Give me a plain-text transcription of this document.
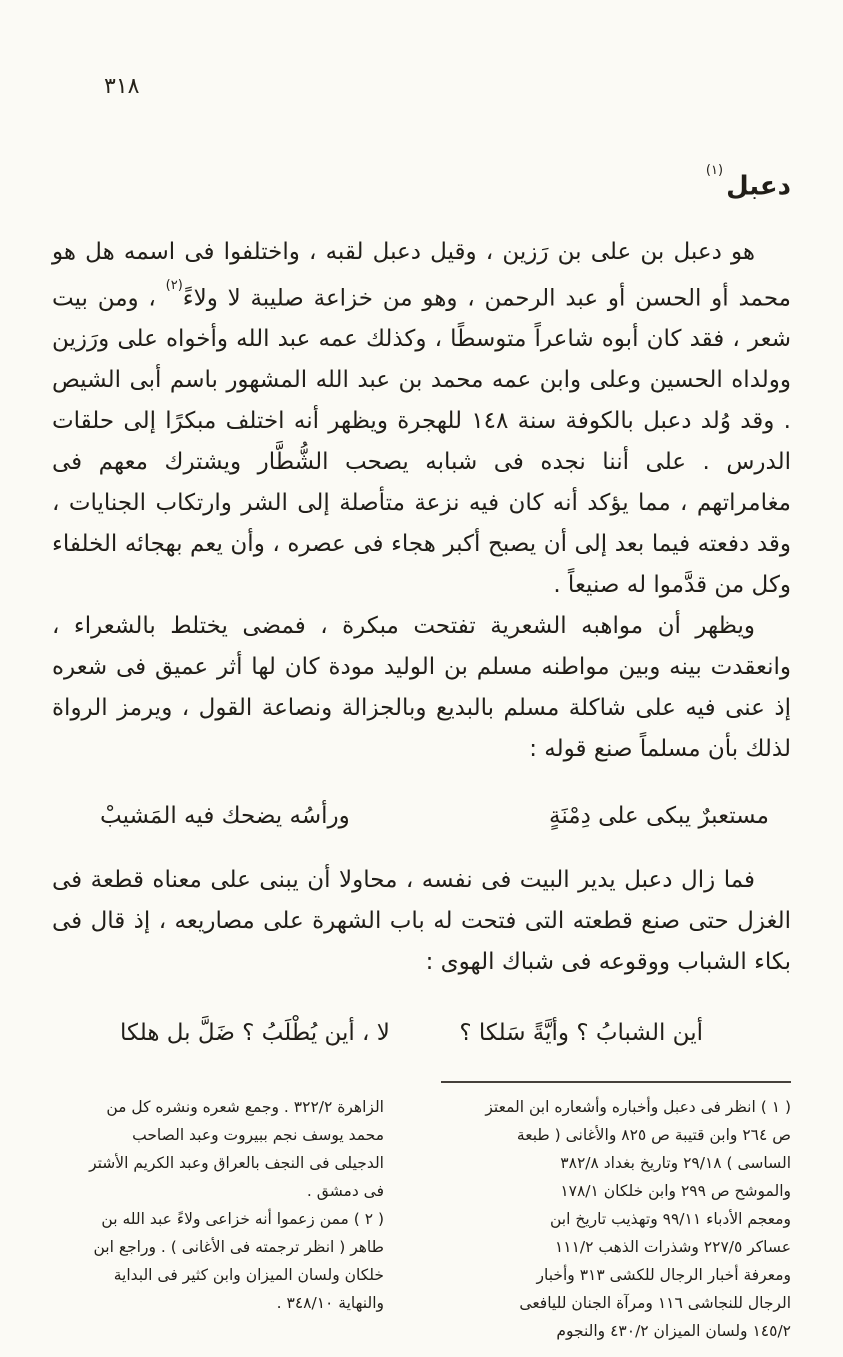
٣١٨
دعبل$^{(١)}$

هو دعبل بن على بن رَزين ، وقيل دعبل لقبه ، واختلفوا فى اسمه هل هو محمد أو الحسن أو عبد الرحمن ، وهو من خزاعة صليبة لا ولاءً$^{(٢)}$ ، ومن بيت شعر ، فقد كان أبوه شاعراً متوسطًا ، وكذلك عمه عبد الله وأخواه على ورَزين وولداه الحسين وعلى وابن عمه محمد بن عبد الله المشهور باسم أبى الشيص . وقد وُلد دعبل بالكوفة سنة ١٤٨ للهجرة ويظهر أنه اختلف مبكرًا إلى حلقات الدرس . على أننا نجده فى شبابه يصحب الشُّطَّار ويشترك معهم فى مغامراتهم ، مما يؤكد أنه كان فيه نزعة متأصلة إلى الشر وارتكاب الجنايات ، وقد دفعته فيما بعد إلى أن يصبح أكبر هجاء فى عصره ، وأن يعم بهجائه الخلفاء وكل من قدَّموا له صنيعاً .

ويظهر أن مواهبه الشعرية تفتحت مبكرة ، فمضى يختلط بالشعراء ، وانعقدت بينه وبين مواطنه مسلم بن الوليد مودة كان لها أثر عميق فى شعره إذ عنى فيه على شاكلة مسلم بالبديع وبالجزالة ونصاعة القول ، ويرمز الرواة لذلك بأن مسلماً صنع قوله :

مستعبرٌ يبكى على دِمْنَةٍ
ورأسُه يضحك فيه المَشيبْ

فما زال دعبل يدير البيت فى نفسه ، محاولا أن يبنى على معناه قطعة فى الغزل حتى صنع قطعته التى فتحت له باب الشهرة على مصاريعه ، إذ قال فى بكاء الشباب ووقوعه فى شباك الهوى :

أين الشبابُ ؟ وأيَّةً سَلكا ؟
لا ، أين يُطْلَبُ ؟ ضَلَّ بل هلكا
( ١ ) انظر فى دعبل وأخباره وأشعاره ابن المعتز
ص ٢٦٤ وابن قتيبة ص ٨٢٥ والأغانى ( طبعة
الساسى ) ٢٩/١٨ وتاريخ بغداد ٣٨٢/٨
والموشح ص ٢٩٩ وابن خلكان ١٧٨/١
ومعجم الأدباء ٩٩/١١ وتهذيب تاريخ ابن
عساكر ٢٢٧/٥ وشذرات الذهب ١١١/٢
ومعرفة أخبار الرجال للكشى ٣١٣ وأخبار
الرجال للنجاشى ١١٦ ومرآة الجنان لليافعى
١٤٥/٢ ولسان الميزان ٤٣٠/٢ والنجوم
الزاهرة ٣٢٢/٢ . وجمع شعره ونشره كل من
محمد يوسف نجم ببيروت وعبد الصاحب
الدجيلى فى النجف بالعراق وعبد الكريم الأشتر
فى دمشق .
( ٢ ) ممن زعموا أنه خزاعى ولاءً عبد الله بن
طاهر ( انظر ترجمته فى الأغانى ) . وراجع ابن
خلكان ولسان الميزان وابن كثير فى البداية
والنهاية ٣٤٨/١٠ .
